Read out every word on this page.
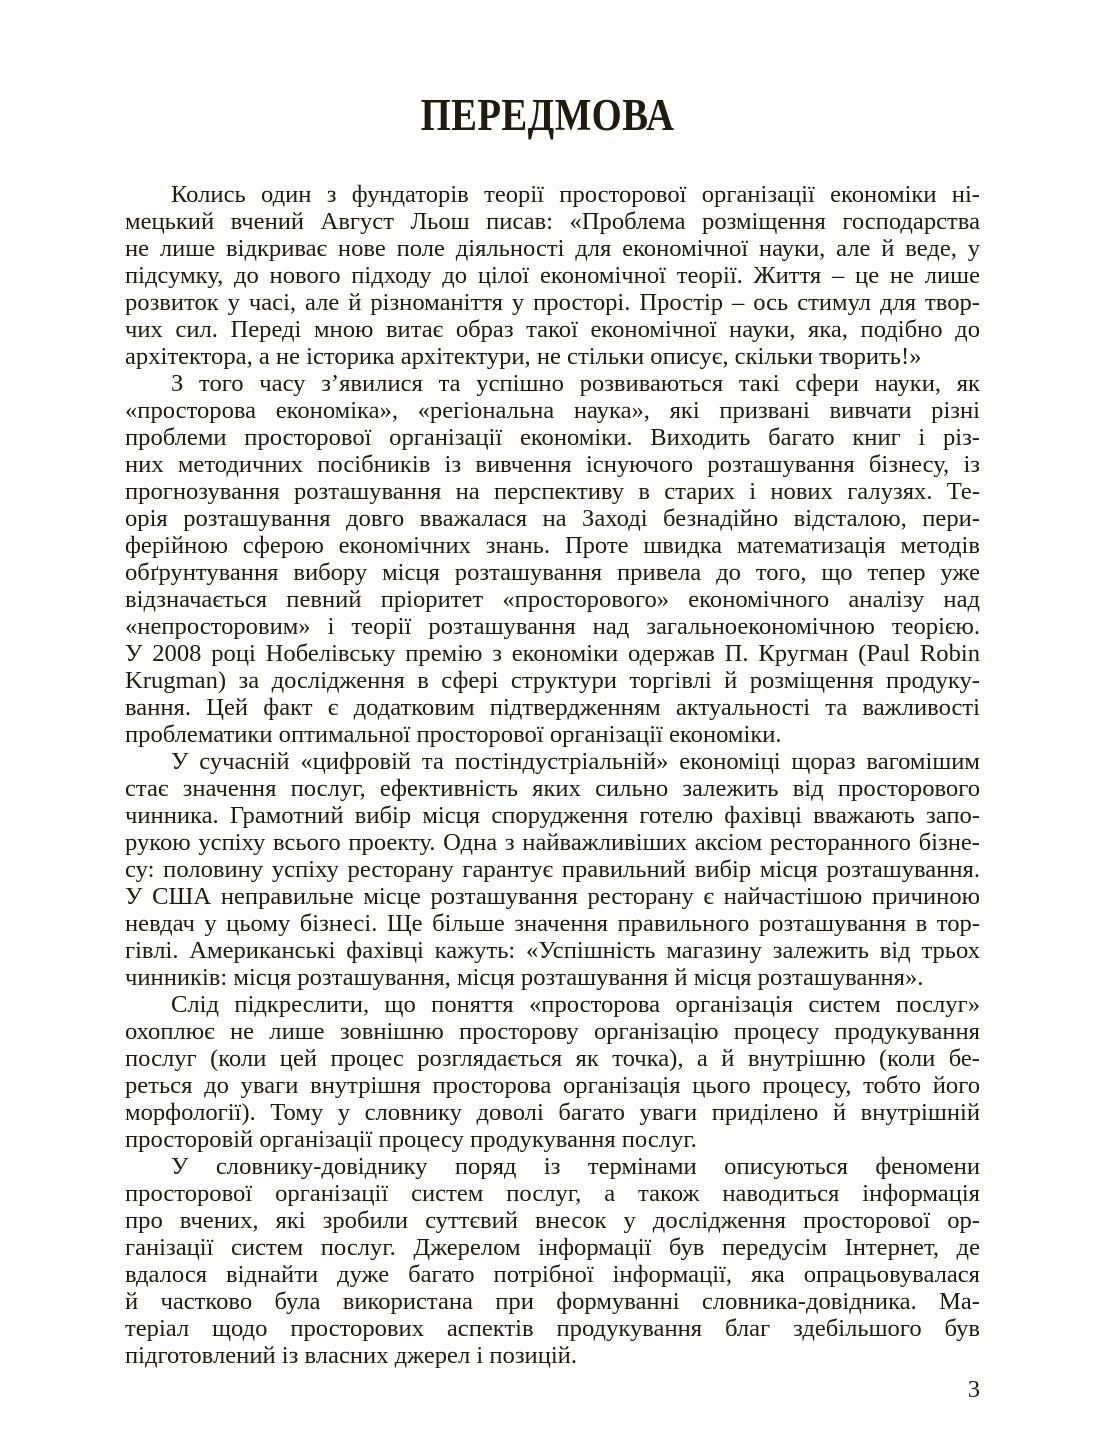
ПЕРЕДМОВА
Колись один з фундаторів теорії просторової організації економіки ні-
мецький вчений Август Льош писав: «Проблема розміщення господарства
не лише відкриває нове поле діяльності для економічної науки, але й веде, у
підсумку, до нового підходу до цілої економічної теорії. Життя – це не лише
розвиток у часі, але й різноманіття у просторі. Простір – ось стимул для твор-
чих сил. Переді мною витає образ такої економічної науки, яка, подібно до
архітектора, а не історика архітектури, не стільки описує, скільки творить!»
З того часу з’явилися та успішно розвиваються такі сфери науки, як
«просторова економіка», «регіональна наука», які призвані вивчати різні
проблеми просторової організації економіки. Виходить багато книг і різ-
них методичних посібників із вивчення існуючого розташування бізнесу, із
прогнозування розташування на перспективу в старих і нових галузях. Те-
орія розташування довго вважалася на Заході безнадійно відсталою, пери-
ферійною сферою економічних знань. Проте швидка математизація методів
обґрунтування вибору місця розташування привела до того, що тепер уже
відзначається певний пріоритет «просторового» економічного аналізу над
«непросторовим» і теорії розташування над загальноекономічною теорією.
У 2008 році Нобелівську премію з економіки одержав П. Кругман (Paul Robin
Krugman) за дослідження в сфері структури торгівлі й розміщення продуку-
вання. Цей факт є додатковим підтвердженням актуальності та важливості
проблематики оптимальної просторової організації економіки.
У сучасній «цифровій та постіндустріальній» економіці щораз вагомішим
стає значення послуг, ефективність яких сильно залежить від просторового
чинника. Грамотний вибір місця спорудження готелю фахівці вважають запо-
рукою успіху всього проекту. Одна з найважливіших аксіом ресторанного бізне-
су: половину успіху ресторану гарантує правильний вибір місця розташування.
У США неправильне місце розташування ресторану є найчастішою причиною
невдач у цьому бізнесі. Ще більше значення правильного розташування в тор-
гівлі. Американські фахівці кажуть: «Успішність магазину залежить від трьох
чинників: місця розташування, місця розташування й місця розташування».
Слід підкреслити, що поняття «просторова організація систем послуг»
охоплює не лише зовнішню просторову організацію процесу продукування
послуг (коли цей процес розглядається як точка), а й внутрішню (коли бе-
реться до уваги внутрішня просторова організація цього процесу, тобто його
морфології). Тому у словнику доволі багато уваги приділено й внутрішній
просторовій організації процесу продукування послуг.
У словнику-довіднику поряд із термінами описуються феномени
просторової організації систем послуг, а також наводиться інформація
про вчених, які зробили суттєвий внесок у дослідження просторової ор-
ганізації систем послуг. Джерелом інформації був передусім Інтернет, де
вдалося віднайти дуже багато потрібної інформації, яка опрацьовувалася
й частково була використана при формуванні словника-довідника. Ма-
теріал щодо просторових аспектів продукування благ здебільшого був
підготовлений із власних джерел і позицій.
3
